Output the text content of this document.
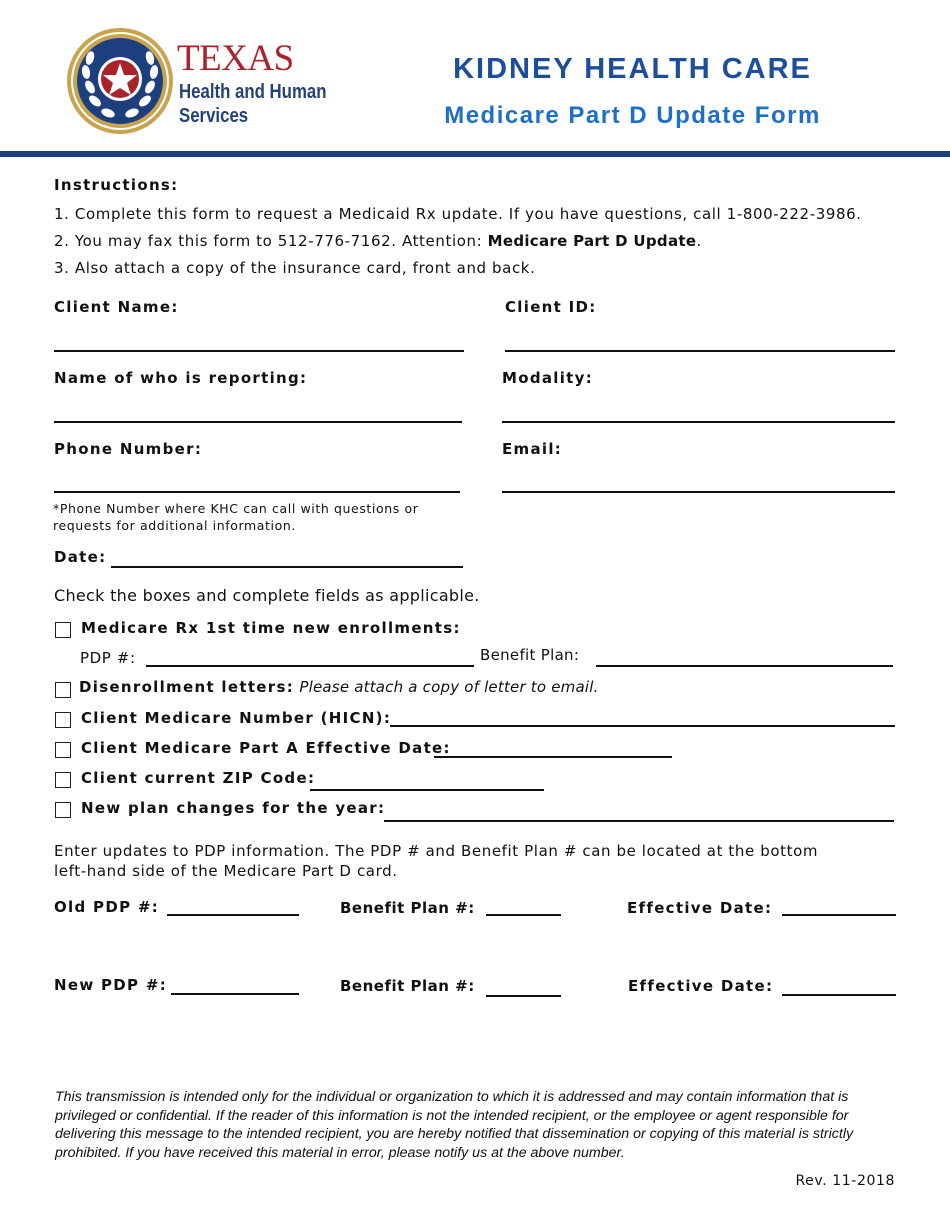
TEXAS
Health and Human
Services
KIDNEY HEALTH CARE
Medicare Part D Update Form
Instructions:
1. Complete this form to request a Medicaid Rx update. If you have questions, call 1-800-222-3986.
2. You may fax this form to 512-776-7162. Attention: Medicare Part D Update.
3. Also attach a copy of the insurance card, front and back.
Client Name:	Client ID:
Name of who is reporting:	Modality:
Phone Number:	Email:
*Phone Number where KHC can call with questions or
requests for additional information.
Date:
Check the boxes and complete fields as applicable.
Medicare Rx 1st time new enrollments:
PDP #:	Benefit Plan:
Disenrollment letters: Please attach a copy of letter to email.
Client Medicare Number (HICN):
Client Medicare Part A Effective Date:
Client current ZIP Code:
New plan changes for the year:
Enter updates to PDP information. The PDP # and Benefit Plan # can be located at the bottom
left-hand side of the Medicare Part D card.
Old PDP #:	Benefit Plan #:	Effective Date:
New PDP #:	Benefit Plan #:	Effective Date:
This transmission is intended only for the individual or organization to which it is addressed and may contain information that is privileged or confidential. If the reader of this information is not the intended recipient, or the employee or agent responsible for delivering this message to the intended recipient, you are hereby notified that dissemination or copying of this material is strictly prohibited. If you have received this material in error, please notify us at the above number.
Rev. 11-2018
